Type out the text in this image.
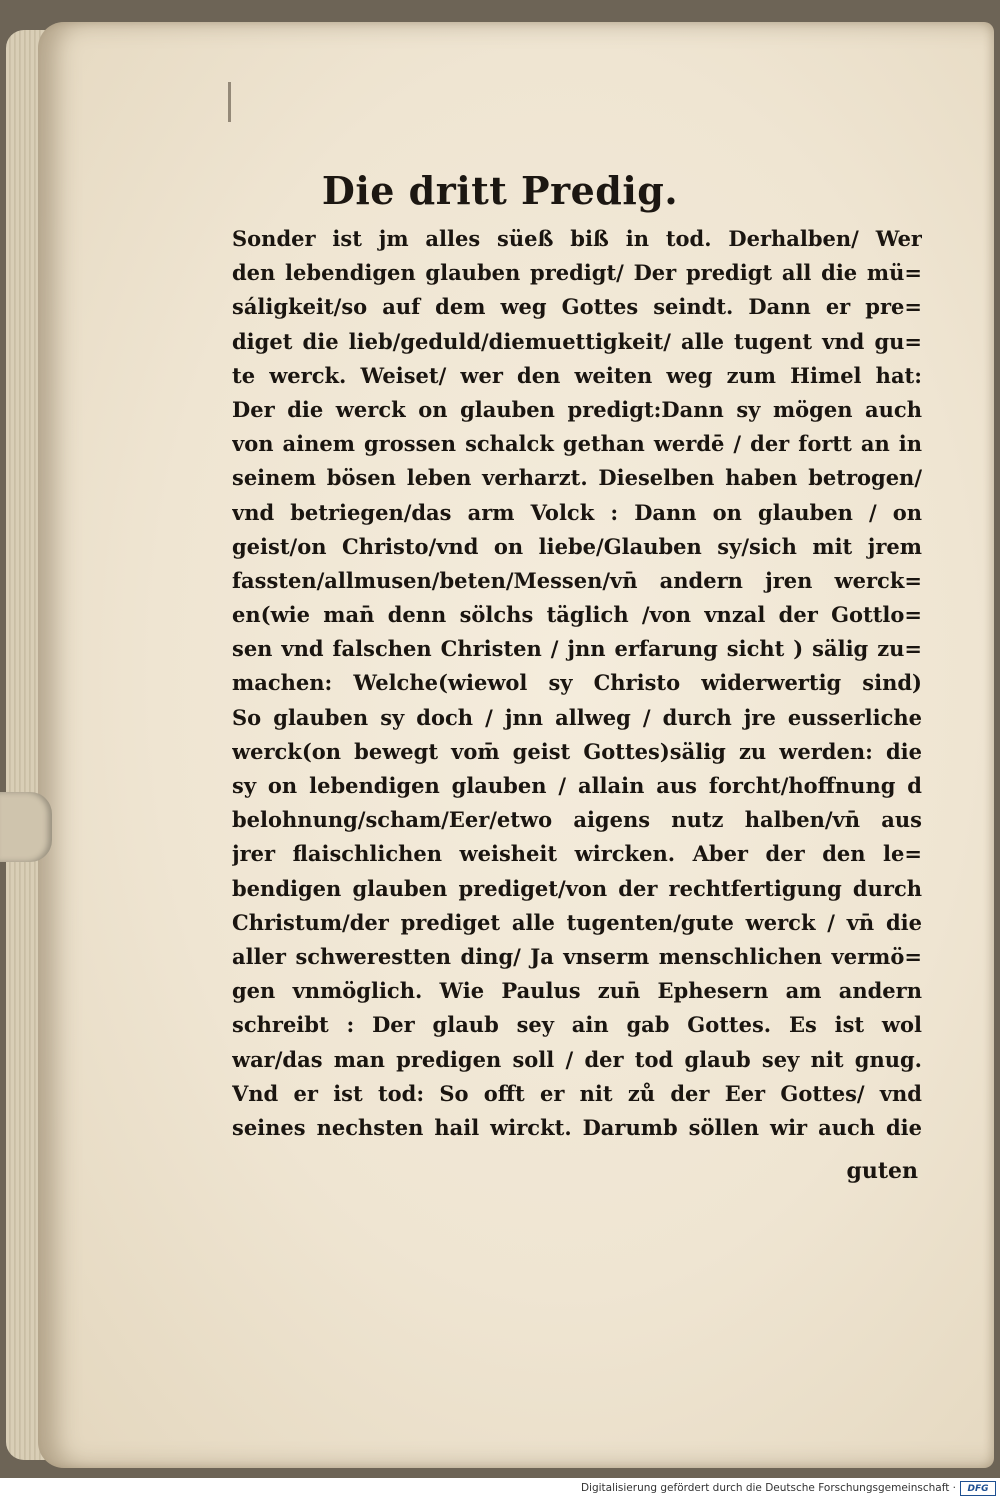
Die dritt Predig.
Sonder ist jm alles süeß biß in tod. Derhalben/ Wer
den lebendigen glauben predigt/ Der predigt all die mü=
sáligkeit/so auf dem weg Gottes seindt. Dann er pre=
diget die lieb/geduld/diemuettigkeit/ alle tugent vnd gu=
te werck. Weiset/ wer den weiten weg zum Himel hat:
Der die werck on glauben predigt:Dann sy mögen auch
von ainem grossen schalck gethan werdē / der fortt an in
seinem bösen leben verharzt. Dieselben haben betrogen/
vnd betriegen/das arm Volck : Dann on glauben / on
geist/on Christo/vnd on liebe/Glauben sy/sich mit jrem
fassten/allmusen/beten/Messen/vn̄ andern jren werck=
en(wie man̄ denn sölchs täglich /von vnzal der Gottlo=
sen vnd falschen Christen / jnn erfarung sicht ) sälig zu=
machen: Welche(wiewol sy Christo widerwertig sind)
So glauben sy doch / jnn allweg / durch jre eusserliche
werck(on bewegt vom̄ geist Gottes)sälig zu werden: die
sy on lebendigen glauben / allain aus forcht/hoffnung d
belohnung/scham/Eer/etwo aigens nutz halben/vn̄ aus
jrer flaischlichen weisheit wircken. Aber der den le=
bendigen glauben prediget/von der rechtfertigung durch
Christum/der prediget alle tugenten/gute werck / vn̄ die
aller schwerestten ding/ Ja vnserm menschlichen vermö=
gen vnmöglich. Wie Paulus zun̄ Ephesern am andern
schreibt : Der glaub sey ain gab Gottes. Es ist wol
war/das man predigen soll / der tod glaub sey nit gnug.
Vnd er ist tod: So offt er nit zů der Eer Gottes/ vnd
seines nechsten hail wirckt. Darumb söllen wir auch die

guten

Digitalisierung gefördert durch die Deutsche Forschungsgemeinschaft ·	DFG
